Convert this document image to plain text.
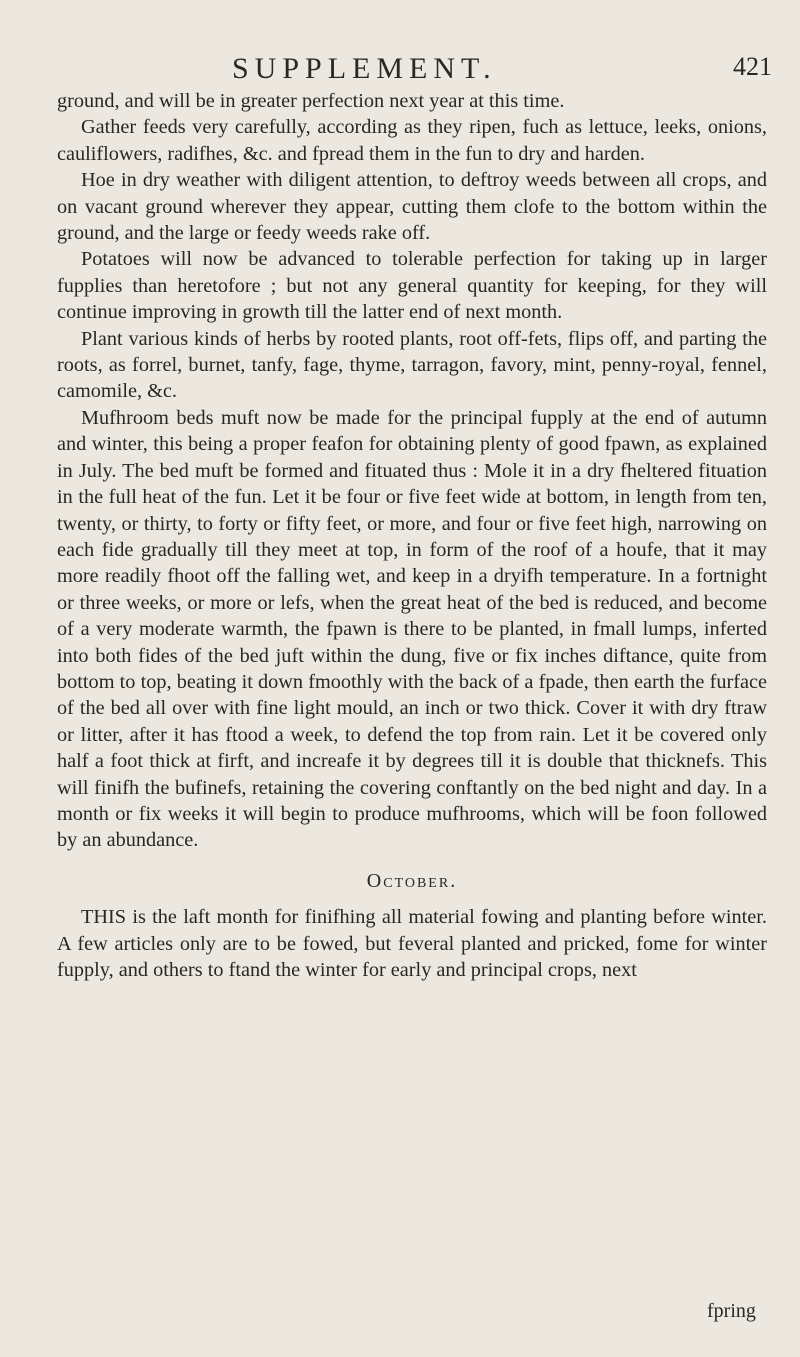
SUPPLEMENT.	421

ground, and will be in greater perfection next year at this time.

Gather feeds very carefully, according as they ripen, fuch as lettuce, leeks, onions, cauliflowers, radifhes, &c. and fpread them in the fun to dry and harden.

Hoe in dry weather with diligent attention, to deftroy weeds between all crops, and on vacant ground wherever they appear, cutting them clofe to the bottom within the ground, and the large or feedy weeds rake off.

Potatoes will now be advanced to tolerable perfection for taking up in larger fupplies than heretofore ; but not any general quantity for keeping, for they will continue improving in growth till the latter end of next month.

Plant various kinds of herbs by rooted plants, root off-fets, flips off, and parting the roots, as forrel, burnet, tanfy, fage, thyme, tarragon, favory, mint, penny-royal, fennel, camomile, &c.

Mufhroom beds muft now be made for the principal fupply at the end of autumn and winter, this being a proper feafon for obtaining plenty of good fpawn, as explained in July. The bed muft be formed and fituated thus : Mole it in a dry fheltered fituation in the full heat of the fun. Let it be four or five feet wide at bottom, in length from ten, twenty, or thirty, to forty or fifty feet, or more, and four or five feet high, narrowing on each fide gradually till they meet at top, in form of the roof of a houfe, that it may more readily fhoot off the falling wet, and keep in a dryifh temperature. In a fortnight or three weeks, or more or lefs, when the great heat of the bed is reduced, and become of a very moderate warmth, the fpawn is there to be planted, in fmall lumps, inferted into both fides of the bed juft within the dung, five or fix inches diftance, quite from bottom to top, beating it down fmoothly with the back of a fpade, then earth the furface of the bed all over with fine light mould, an inch or two thick. Cover it with dry ftraw or litter, after it has ftood a week, to defend the top from rain. Let it be covered only half a foot thick at firft, and increafe it by degrees till it is double that thicknefs. This will finifh the bufinefs, retaining the covering conftantly on the bed night and day. In a month or fix weeks it will begin to produce mufhrooms, which will be foon followed by an abundance.

October.

THIS is the laft month for finifhing all material fowing and planting before winter. A few articles only are to be fowed, but feveral planted and pricked, fome for winter fupply, and others to ftand the winter for early and principal crops, next

fpring
